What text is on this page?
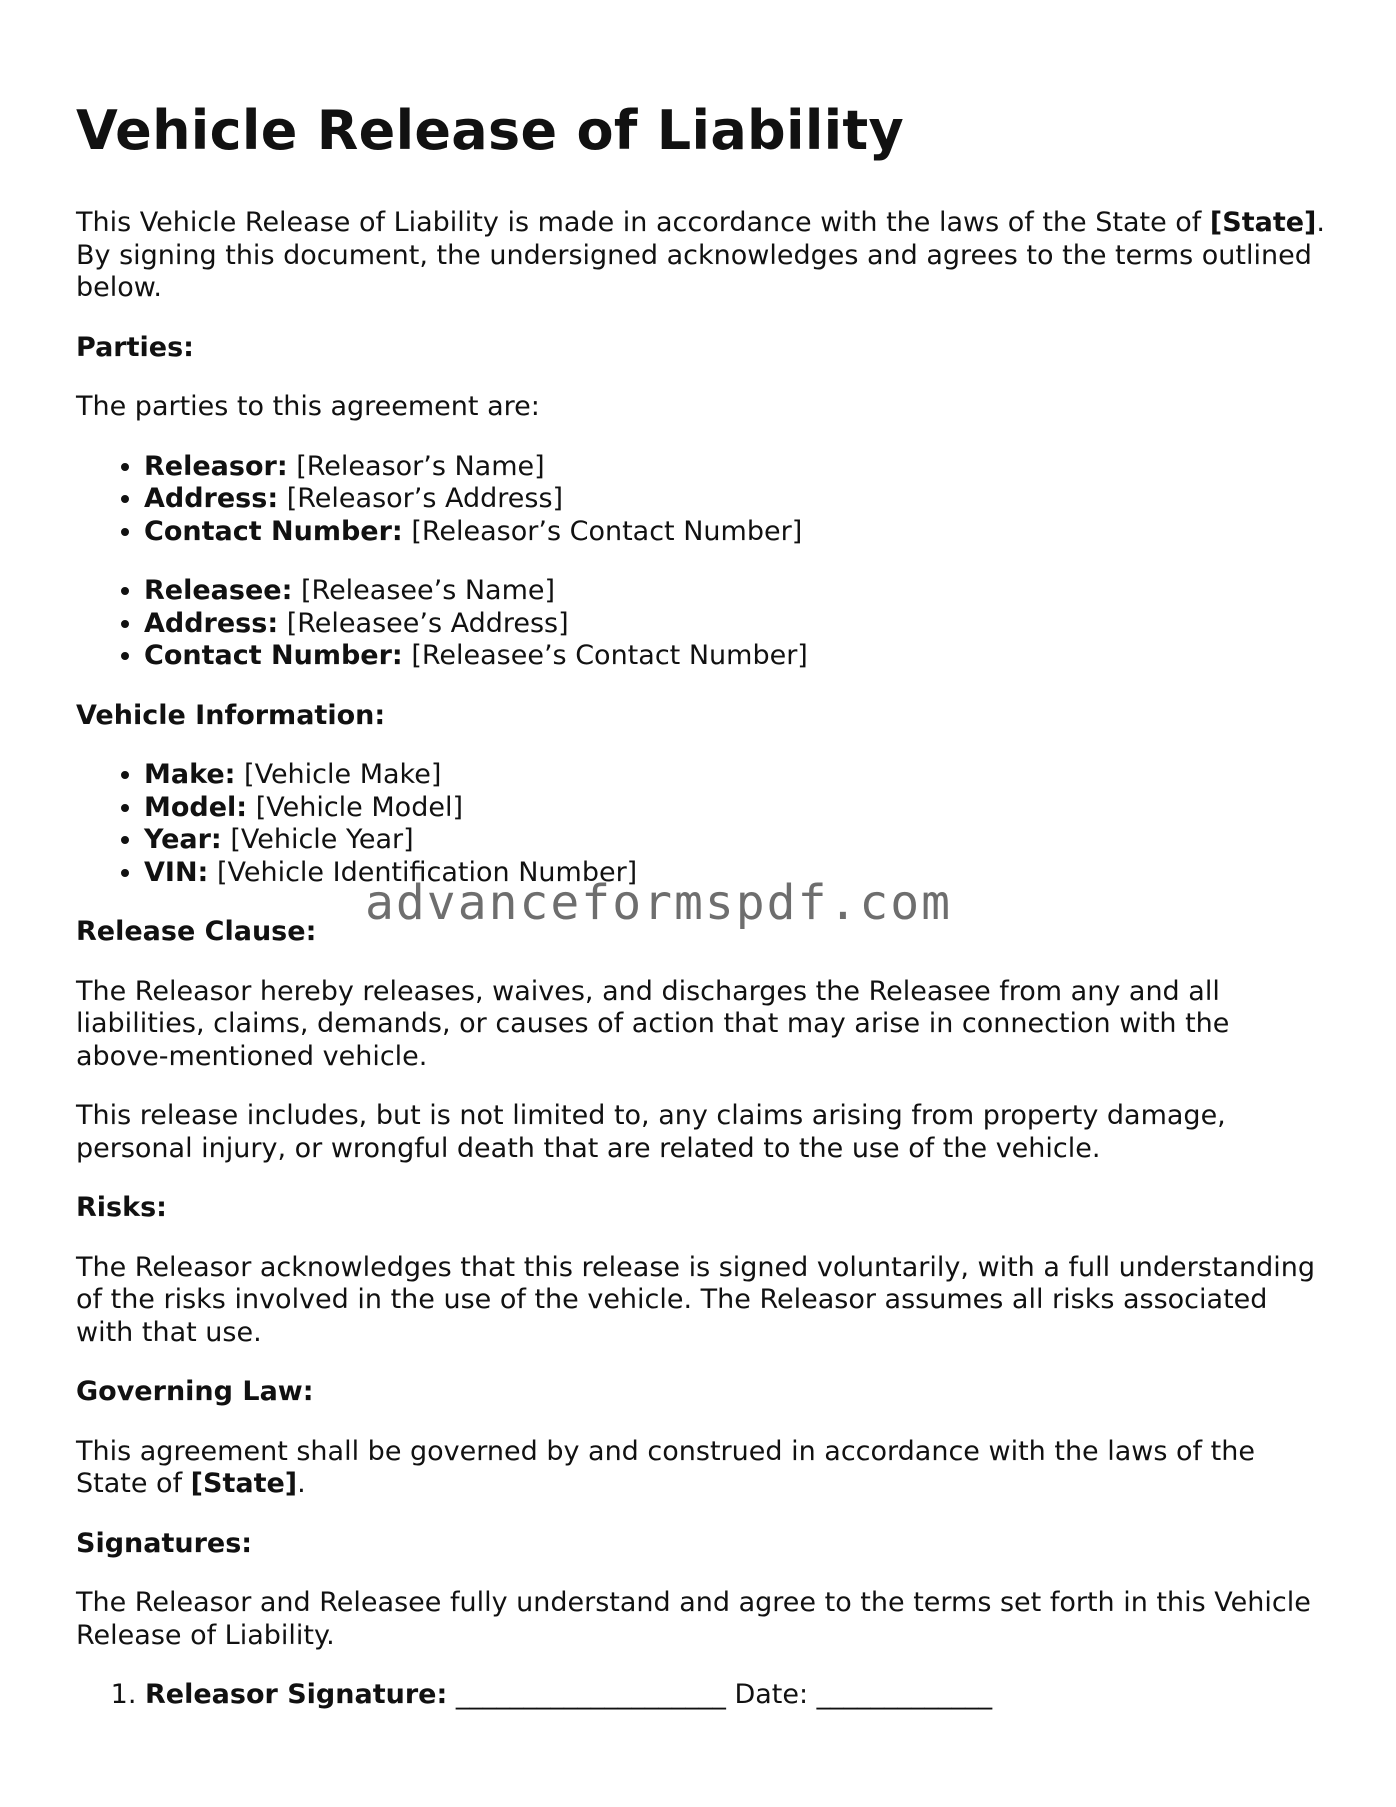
Vehicle Release of Liability

This Vehicle Release of Liability is made in accordance with the laws of the State of [State]. By signing this document, the undersigned acknowledges and agrees to the terms outlined below.

Parties:

The parties to this agreement are:

• Releasor: [Releasor’s Name]
• Address: [Releasor’s Address]
• Contact Number: [Releasor’s Contact Number]
• Releasee: [Releasee’s Name]
• Address: [Releasee’s Address]
• Contact Number: [Releasee’s Contact Number]

Vehicle Information:

• Make: [Vehicle Make]
• Model: [Vehicle Model]
• Year: [Vehicle Year]
• VIN: [Vehicle Identification Number]

Release Clause:

The Releasor hereby releases, waives, and discharges the Releasee from any and all liabilities, claims, demands, or causes of action that may arise in connection with the above-mentioned vehicle.

This release includes, but is not limited to, any claims arising from property damage, personal injury, or wrongful death that are related to the use of the vehicle.

Risks:

The Releasor acknowledges that this release is signed voluntarily, with a full understanding of the risks involved in the use of the vehicle. The Releasor assumes all risks associated with that use.

Governing Law:

This agreement shall be governed by and construed in accordance with the laws of the State of [State].

Signatures:

The Releasor and Releasee fully understand and agree to the terms set forth in this Vehicle Release of Liability.

1. Releasor Signature: ____________________ Date: _____________
advanceformspdf.com
